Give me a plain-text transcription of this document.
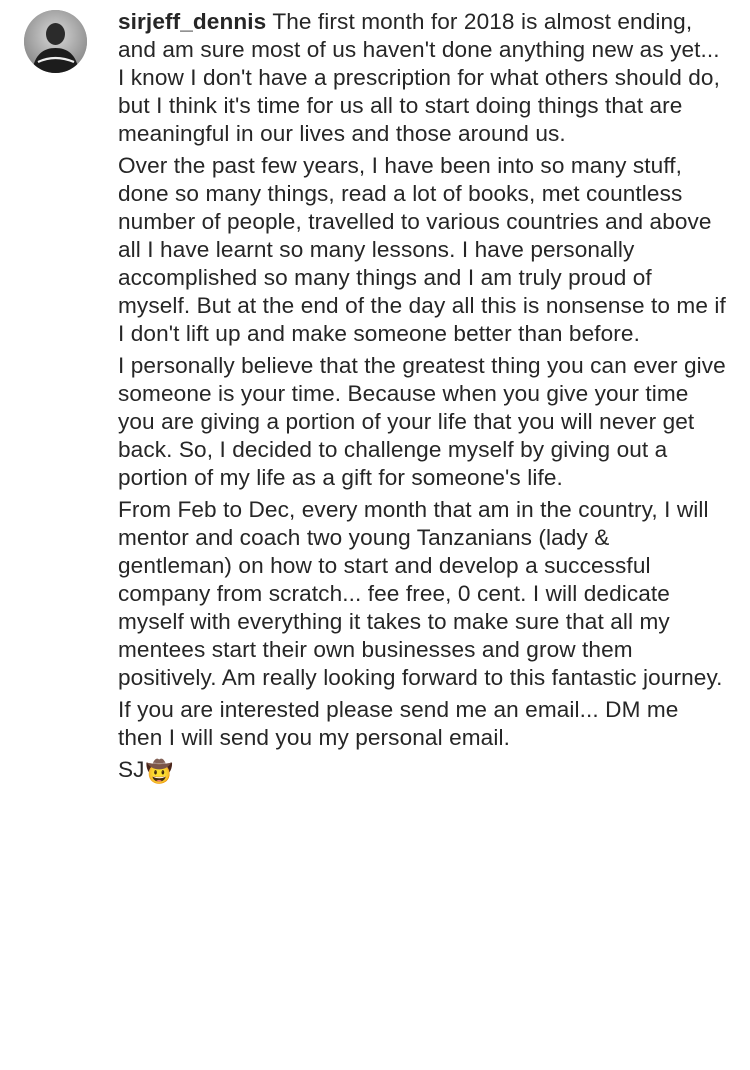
sirjeff_dennis The first month for 2018 is almost ending, and am sure most of us haven't done anything new as yet... I know I don't have a prescription for what others should do, but I think it's time for us all to start doing things that are meaningful in our lives and those around us.

Over the past few years, I have been into so many stuff, done so many things, read a lot of books, met countless number of people, travelled to various countries and above all I have learnt so many lessons. I have personally accomplished so many things and I am truly proud of myself. But at the end of the day all this is nonsense to me if I don't lift up and make someone better than before.

I personally believe that the greatest thing you can ever give someone is your time. Because when you give your time you are giving a portion of your life that you will never get back. So, I decided to challenge myself by giving out a portion of my life as a gift for someone's life.

From Feb to Dec, every month that am in the country, I will mentor and coach two young Tanzanians (lady & gentleman) on how to start and develop a successful company from scratch... fee free, 0 cent. I will dedicate myself with everything it takes to make sure that all my mentees start their own businesses and grow them positively. Am really looking forward to this fantastic journey.

If you are interested please send me an email... DM me then I will send you my personal email.

SJ🤠
